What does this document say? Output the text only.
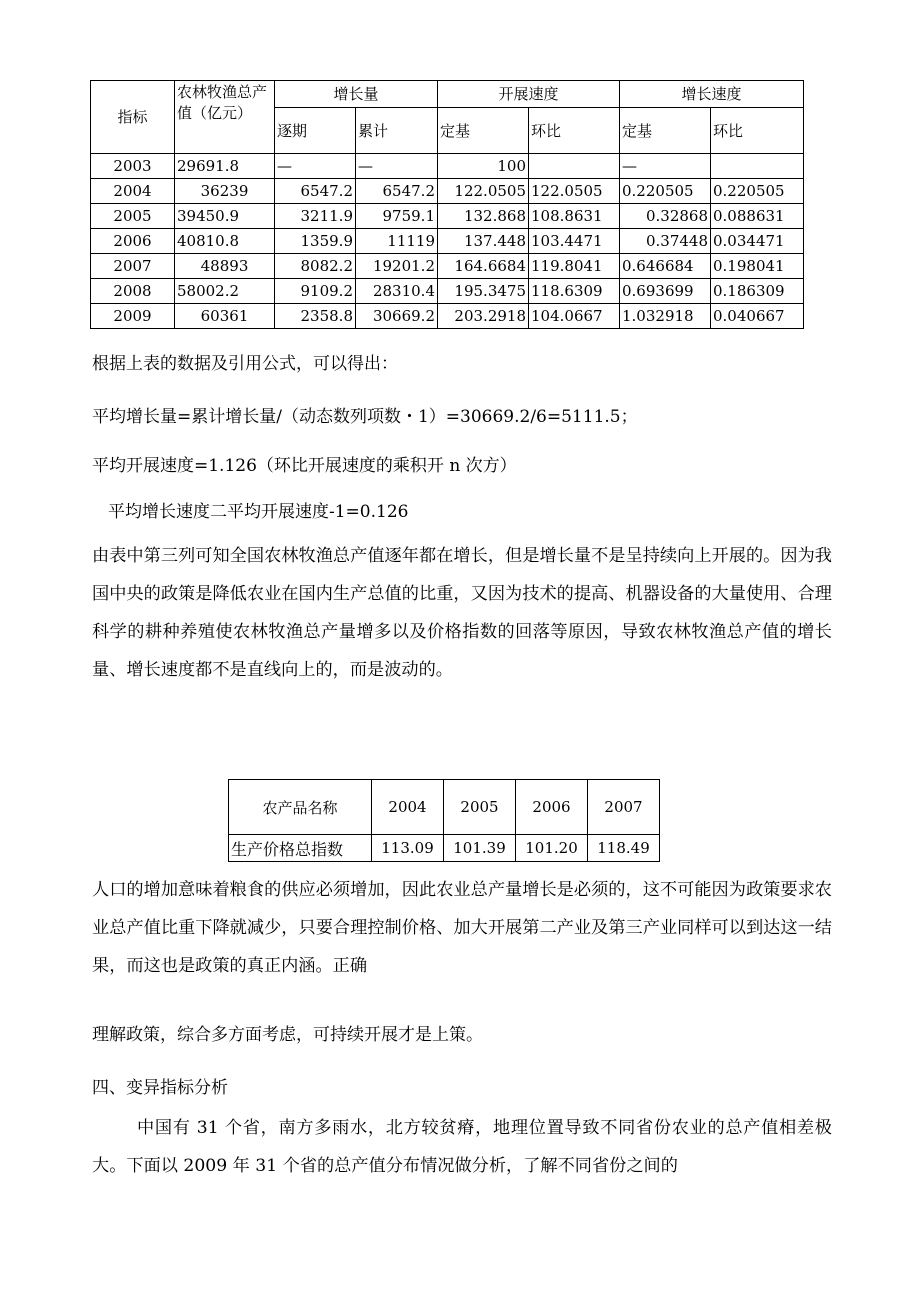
指标	农林牧渔总产值（亿元）	增长量		开展速度		增长速度	
		逐期	累计	定基	环比	定基	环比
2003	29691.8	—	—	100		—	
2004	36239	6547.2	6547.2	122.0505	122.0505	0.220505	0.220505
2005	39450.9	3211.9	9759.1	132.868	108.8631	0.32868	0.088631
2006	40810.8	1359.9	11119	137.448	103.4471	0.37448	0.034471
2007	48893	8082.2	19201.2	164.6684	119.8041	0.646684	0.198041
2008	58002.2	9109.2	28310.4	195.3475	118.6309	0.693699	0.186309
2009	60361	2358.8	30669.2	203.2918	104.0667	1.032918	0.040667

根据上表的数据及引用公式，可以得出：

平均增长量=累计增长量/（动态数列项数・1）=30669.2/6=5111.5；

平均开展速度=1.126（环比开展速度的乘积开 n 次方）

平均增长速度二平均开展速度-1=0.126

由表中第三列可知全国农林牧渔总产值逐年都在增长，但是增长量不是呈持续向上开展的。因为我国中央的政策是降低农业在国内生产总值的比重，又因为技术的提高、机器设备的大量使用、合理科学的耕种养殖使农林牧渔总产量增多以及价格指数的回落等原因，导致农林牧渔总产值的增长量、增长速度都不是直线向上的，而是波动的。

农产品名称	2004	2005	2006	2007
生产价格总指数	113.09	101.39	101.20	118.49

人口的增加意味着粮食的供应必须增加，因此农业总产量增长是必须的，这不可能因为政策要求农业总产值比重下降就减少，只要合理控制价格、加大开展第二产业及第三产业同样可以到达这一结果，而这也是政策的真正内涵。正确

理解政策，综合多方面考虑，可持续开展才是上策。

四、变异指标分析

中国有 31 个省，南方多雨水，北方较贫瘠，地理位置导致不同省份农业的总产值相差极大。下面以 2009 年 31 个省的总产值分布情况做分析，了解不同省份之间的
